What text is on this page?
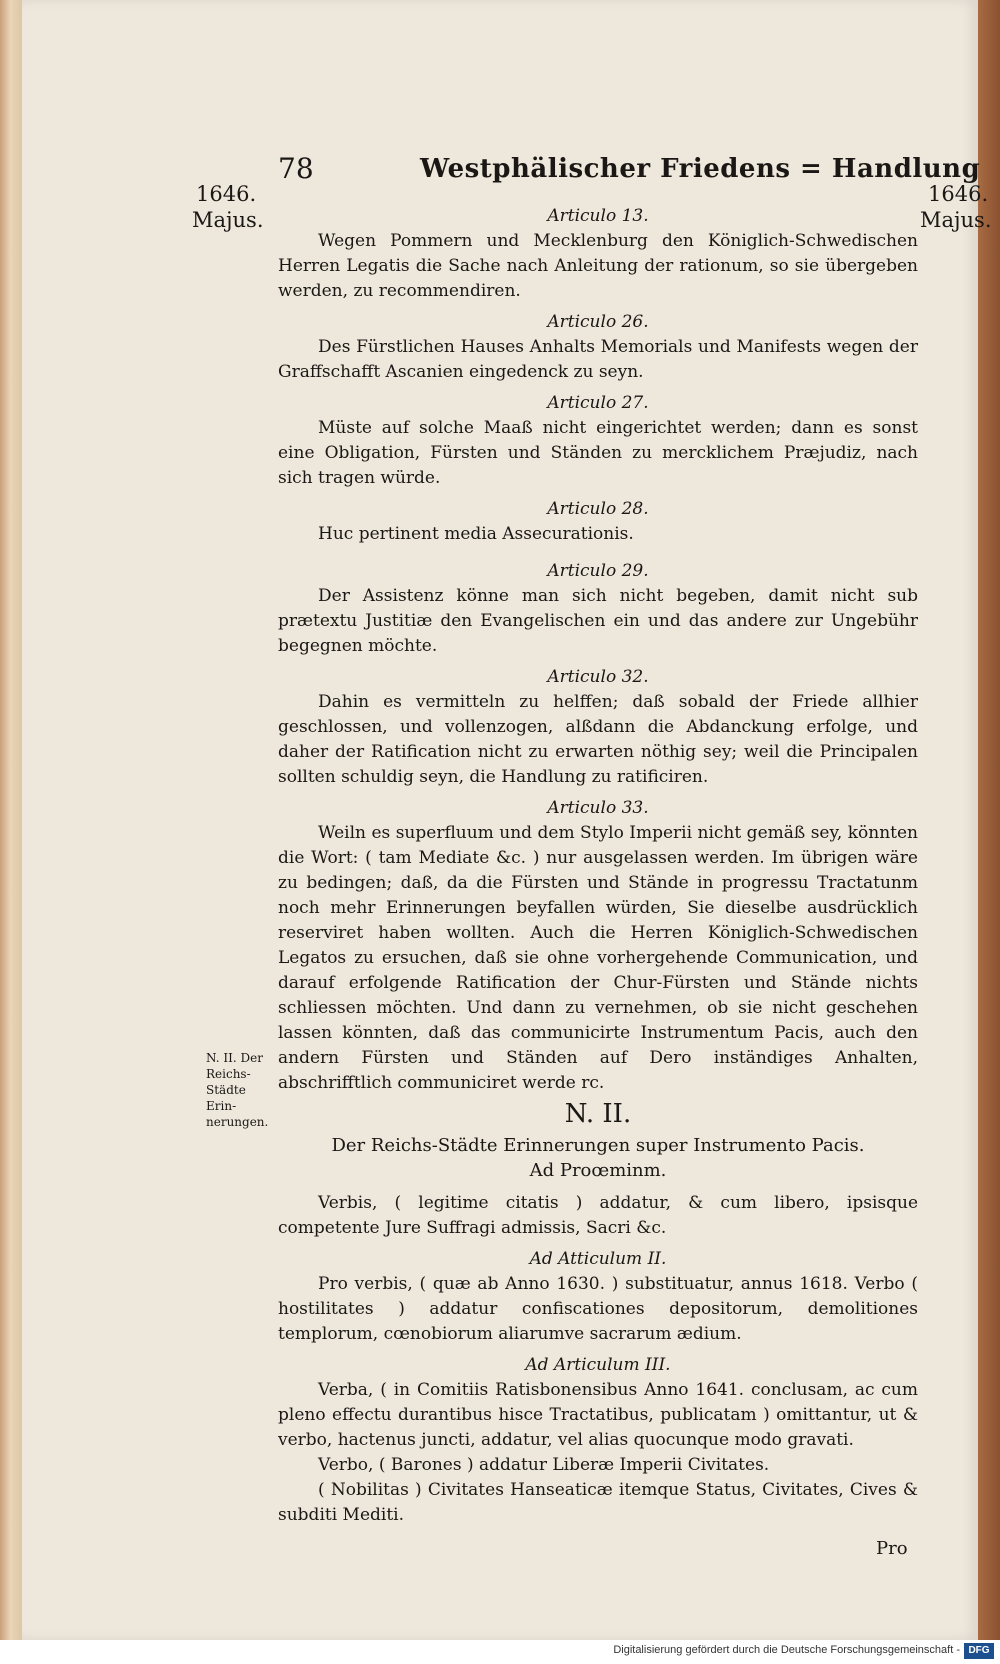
78	Westphälischer Friedens = Handlung
1646.
Majus.
1646.
Majus.

Articulo 13.

Wegen Pommern und Mecklenburg den Königlich-Schwedischen Herren Legatis die Sache nach Anleitung der rationum, so sie übergeben werden, zu recommendiren.

Articulo 26.

Des Fürstlichen Hauses Anhalts Memorials und Manifests wegen der Graffschafft Ascanien eingedenck zu seyn.

Articulo 27.

Müste auf solche Maaß nicht eingerichtet werden; dann es sonst eine Obligation, Fürsten und Ständen zu mercklichem Præjudiz, nach sich tragen würde.

Articulo 28.

Huc pertinent media Assecurationis.

Articulo 29.

Der Assistenz könne man sich nicht begeben, damit nicht sub prætextu Justitiæ den Evangelischen ein und das andere zur Ungebühr begegnen möchte.

Articulo 32.

Dahin es vermitteln zu helffen; daß sobald der Friede allhier geschlossen, und vollenzogen, alßdann die Abdanckung erfolge, und daher der Ratification nicht zu erwarten nöthig sey; weil die Principalen sollten schuldig seyn, die Handlung zu ratificiren.

Articulo 33.

Weiln es superfluum und dem Stylo Imperii nicht gemäß sey, könnten die Wort: ( tam Mediate &c. ) nur ausgelassen werden. Im übrigen wäre zu bedingen; daß, da die Fürsten und Stände in progressu Tractatunm noch mehr Erinnerungen beyfallen würden, Sie dieselbe ausdrücklich reserviret haben wollten. Auch die Herren Königlich-Schwedischen Legatos zu ersuchen, daß sie ohne vorhergehende Communication, und darauf erfolgende Ratification der Chur-Fürsten und Stände nichts schliessen möchten. Und dann zu vernehmen, ob sie nicht geschehen lassen könnten, daß das communicirte Instrumentum Pacis, auch den andern Fürsten und Ständen auf Dero inständiges Anhalten, abschrifftlich communiciret werde rc.

N. II.

Der Reichs-Städte Erinnerungen super Instrumento Pacis.

Ad Proœminm.

Verbis, ( legitime citatis ) addatur, & cum libero, ipsisque competente Jure Suffragi admissis, Sacri &c.

Ad Atticulum II.

Pro verbis, ( quæ ab Anno 1630. ) substituatur, annus 1618. Verbo ( hostilitates ) addatur confiscationes depositorum, demolitiones templorum, cœnobiorum aliarumve sacrarum ædium.

Ad Articulum III.

Verba, ( in Comitiis Ratisbonensibus Anno 1641. conclusam, ac cum pleno effectu durantibus hisce Tractatibus, publicatam ) omittantur, ut & verbo, hactenus juncti, addatur, vel alias quocunque modo gravati.

Verbo, ( Barones ) addatur Liberæ Imperii Civitates.

( Nobilitas ) Civitates Hanseaticæ itemque Status, Civitates, Cives & subditi Mediti.

N. II. Der Reichs-Städte Erin-nerungen.
Digitalisierung gefördert durch die Deutsche Forschungsgemeinschaft - DFG
Pro
